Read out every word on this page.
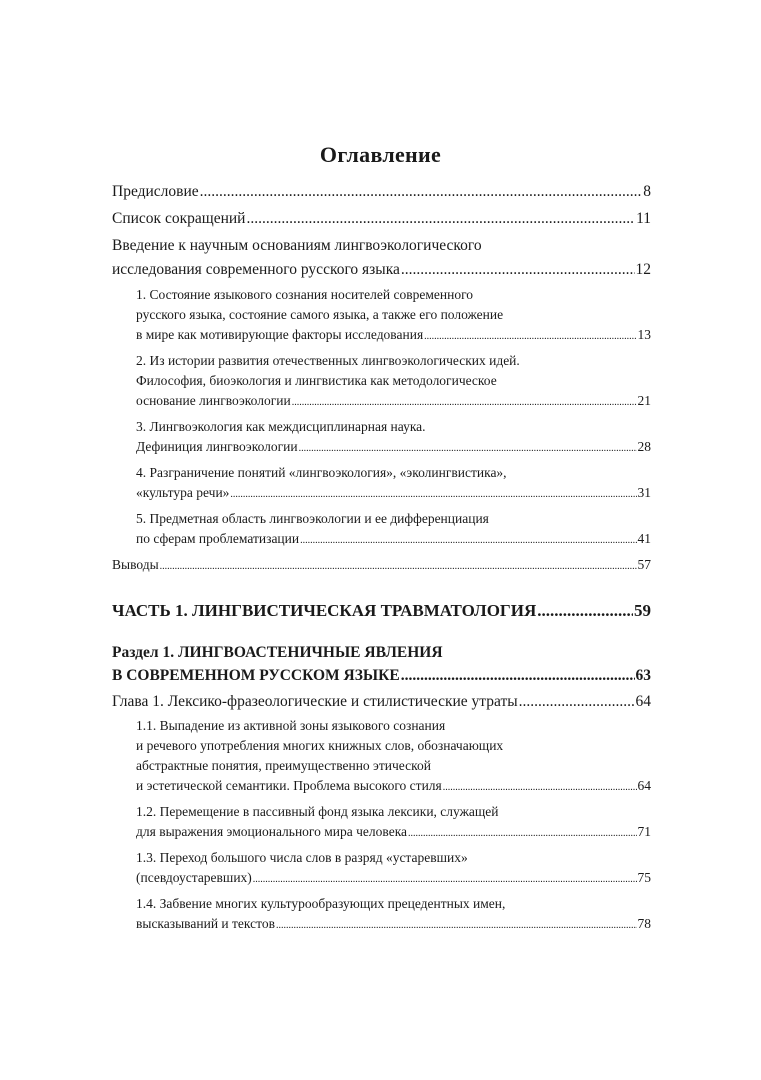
Оглавление
Предисловие .....	8
Список сокращений .....	11
Введение к научным основаниям лингвоэкологического
исследования современного русского языка .....	12
1. Состояние языкового сознания носителей современного
русского языка, состояние самого языка, а также его положение
в мире как мотивирующие факторы исследования .....	13
2. Из истории развития отечественных лингвоэкологических идей.
Философия, биоэкология и лингвистика как методологическое
основание лингвоэкологии .....	21
3. Лингвоэкология как междисциплинарная наука.
Дефиниция лингвоэкологии .....	28
4. Разграничение понятий «лингвоэкология», «эколингвистика»,
«культура речи» .....	31
5. Предметная область лингвоэкологии и ее дифференциация
по сферам проблематизации .....	41
Выводы .....	57
ЧАСТЬ 1. ЛИНГВИСТИЧЕСКАЯ ТРАВМАТОЛОГИЯ .....	59
Раздел 1. ЛИНГВОАСТЕНИЧНЫЕ ЯВЛЕНИЯ
В СОВРЕМЕННОМ РУССКОМ ЯЗЫКЕ .....	63
Глава 1. Лексико-фразеологические и стилистические утраты .....	64
1.1. Выпадение из активной зоны языкового сознания
и речевого употребления многих книжных слов, обозначающих
абстрактные понятия, преимущественно этической
и эстетической семантики. Проблема высокого стиля .....	64
1.2. Перемещение в пассивный фонд языка лексики, служащей
для выражения эмоционального мира человека .....	71
1.3. Переход большого числа слов в разряд «устаревших»
(псевдоустаревших) .....	75
1.4. Забвение многих культурообразующих прецедентных имен,
высказываний и текстов .....	78
